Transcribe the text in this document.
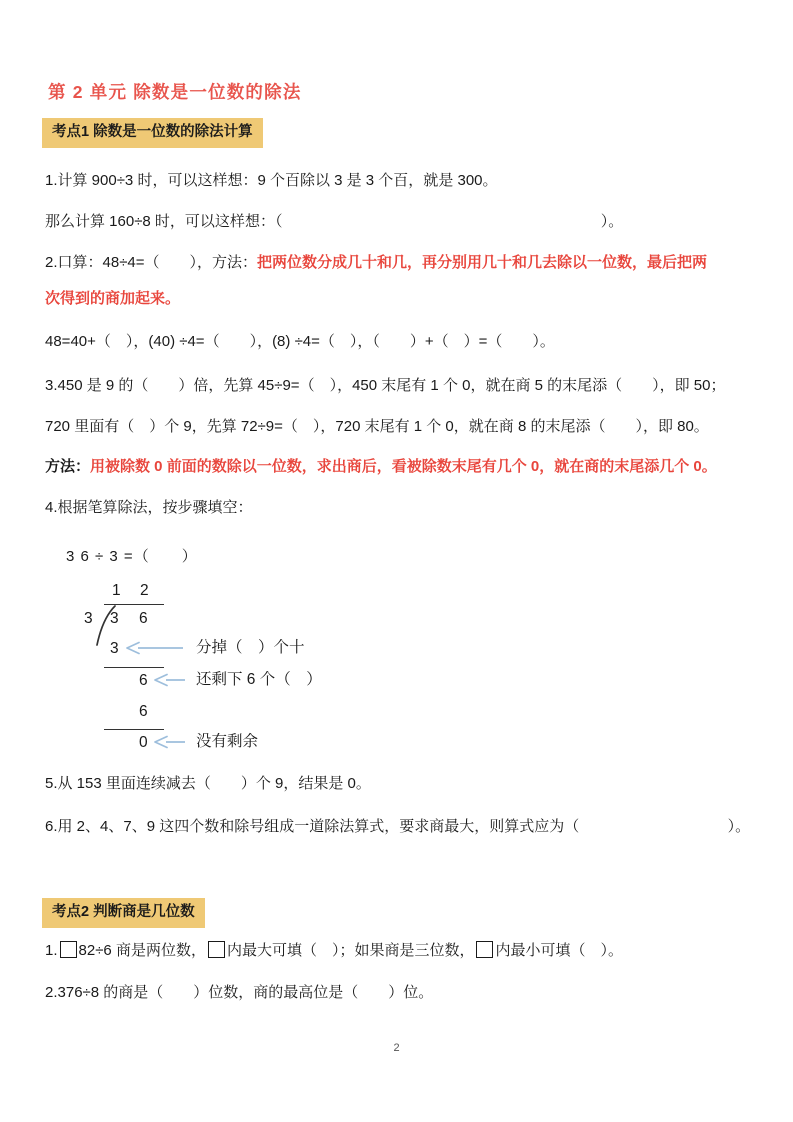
第 2 单元 除数是一位数的除法
考点1 除数是一位数的除法计算
1.计算 900÷3 时，可以这样想：9 个百除以 3 是 3 个百，就是 300。
那么计算 160÷8 时，可以这样想：（	）。
2.口算：48÷4=（　　），方法：把两位数分成几十和几，再分别用几十和几去除以一位数，最后把两
次得到的商加起来。
48=40+（　），(40) ÷4=（　　），(8) ÷4=（　），（　　）+（　）=（　　）。
3.450 是 9 的（　　）倍，先算 45÷9=（　），450 末尾有 1 个 0，就在商 5 的末尾添（　　），即 50；
720 里面有（　）个 9，先算 72÷9=（　），720 末尾有 1 个 0，就在商 8 的末尾添（　　），即 80。
方法：用被除数 0 前面的数除以一位数，求出商后，看被除数末尾有几个 0，就在商的末尾添几个 0。
4.根据笔算除法，按步骤填空：
3 6 ÷ 3 =（　　）
1 2
3 3 6
3	分掉（　）个十
6	还剩下 6 个（　）
6
0	没有剩余
5.从 153 里面连续减去（　　）个 9，结果是 0。
6.用 2、4、7、9 这四个数和除号组成一道除法算式，要求商最大，则算式应为（	）。
考点2 判断商是几位数
1. 82÷6 商是两位数， 内最大可填（　）；如果商是三位数， 内最小可填（　）。
2.376÷8 的商是（　　）位数，商的最高位是（　　）位。
2
